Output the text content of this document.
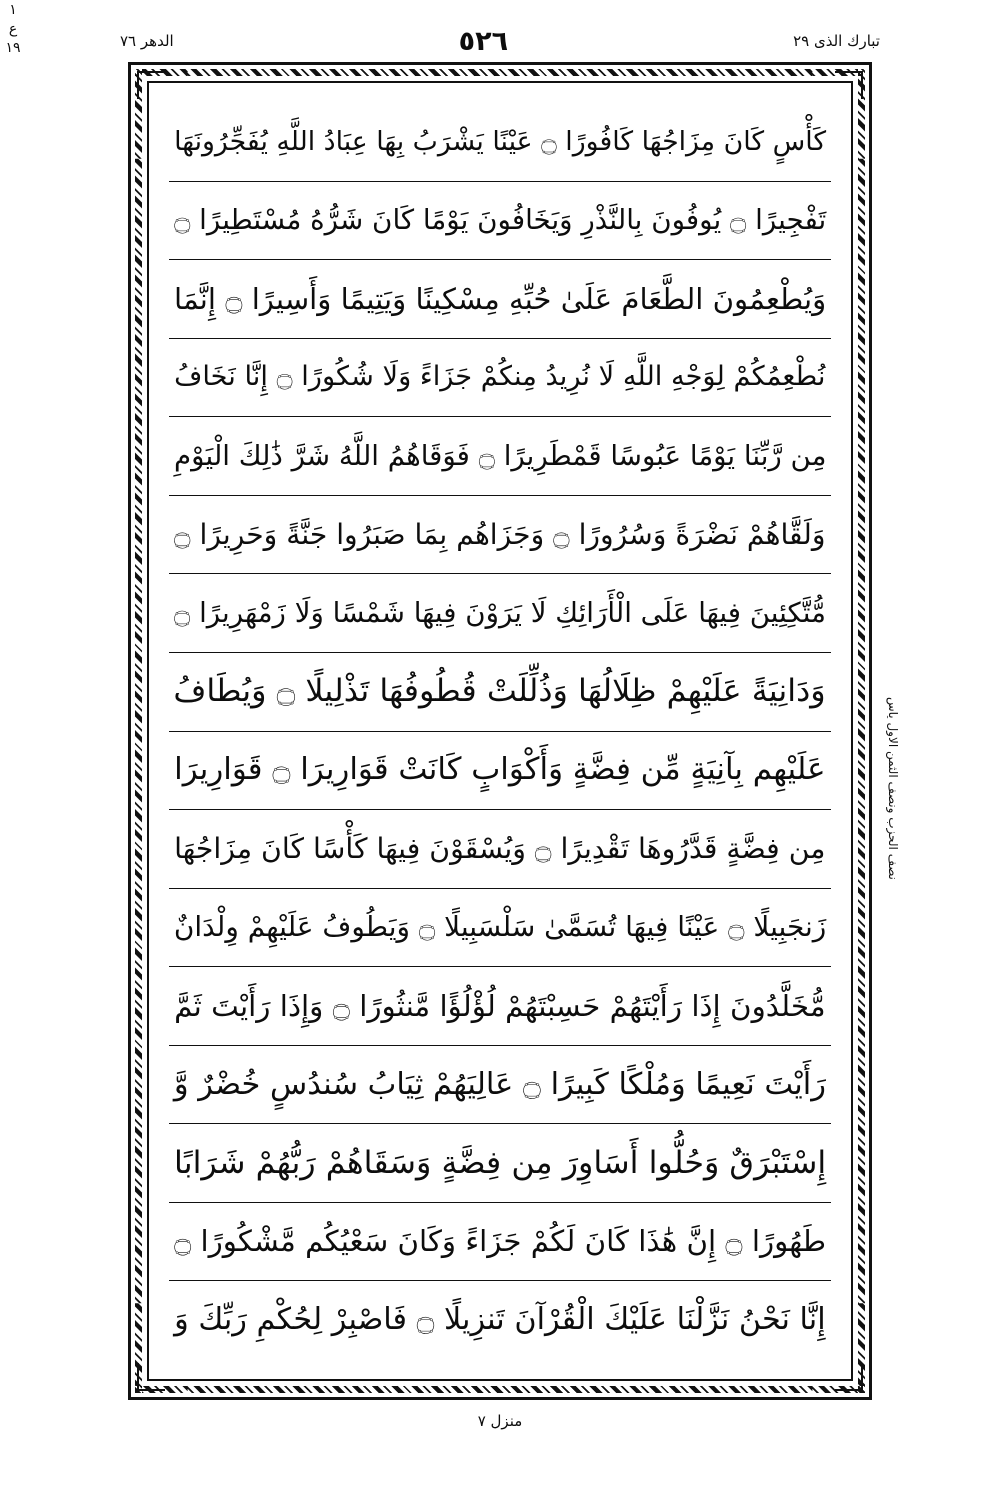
تبارك الذى ٢٩
٥٢٦
الدهر ٧٦
كَأْسٍ كَانَ مِزَاجُهَا كَافُورًا ۝ عَيْنًا يَشْرَبُ بِهَا عِبَادُ اللَّهِ يُفَجِّرُونَهَا
تَفْجِيرًا ۝ يُوفُونَ بِالنَّذْرِ وَيَخَافُونَ يَوْمًا كَانَ شَرُّهُ مُسْتَطِيرًا ۝
وَيُطْعِمُونَ الطَّعَامَ عَلَىٰ حُبِّهِ مِسْكِينًا وَيَتِيمًا وَأَسِيرًا ۝ إِنَّمَا
نُطْعِمُكُمْ لِوَجْهِ اللَّهِ لَا نُرِيدُ مِنكُمْ جَزَاءً وَلَا شُكُورًا ۝ إِنَّا نَخَافُ
مِن رَّبِّنَا يَوْمًا عَبُوسًا قَمْطَرِيرًا ۝ فَوَقَاهُمُ اللَّهُ شَرَّ ذَٰلِكَ الْيَوْمِ
وَلَقَّاهُمْ نَضْرَةً وَسُرُورًا ۝ وَجَزَاهُم بِمَا صَبَرُوا جَنَّةً وَحَرِيرًا ۝
مُّتَّكِئِينَ فِيهَا عَلَى الْأَرَائِكِ لَا يَرَوْنَ فِيهَا شَمْسًا وَلَا زَمْهَرِيرًا ۝
وَدَانِيَةً عَلَيْهِمْ ظِلَالُهَا وَذُلِّلَتْ قُطُوفُهَا تَذْلِيلًا ۝ وَيُطَافُ
عَلَيْهِم بِآنِيَةٍ مِّن فِضَّةٍ وَأَكْوَابٍ كَانَتْ قَوَارِيرَا ۝ قَوَارِيرَا
مِن فِضَّةٍ قَدَّرُوهَا تَقْدِيرًا ۝ وَيُسْقَوْنَ فِيهَا كَأْسًا كَانَ مِزَاجُهَا
زَنجَبِيلًا ۝ عَيْنًا فِيهَا تُسَمَّىٰ سَلْسَبِيلًا ۝ وَيَطُوفُ عَلَيْهِمْ وِلْدَانٌ
مُّخَلَّدُونَ إِذَا رَأَيْتَهُمْ حَسِبْتَهُمْ لُؤْلُؤًا مَّنثُورًا ۝ وَإِذَا رَأَيْتَ ثَمَّ
رَأَيْتَ نَعِيمًا وَمُلْكًا كَبِيرًا ۝ عَالِيَهُمْ ثِيَابُ سُندُسٍ خُضْرٌ وَّ
إِسْتَبْرَقٌ وَحُلُّوا أَسَاوِرَ مِن فِضَّةٍ وَسَقَاهُمْ رَبُّهُمْ شَرَابًا
طَهُورًا ۝ إِنَّ هَٰذَا كَانَ لَكُمْ جَزَاءً وَكَانَ سَعْيُكُم مَّشْكُورًا ۝
إِنَّا نَحْنُ نَزَّلْنَا عَلَيْكَ الْقُرْآنَ تَنزِيلًا ۝ فَاصْبِرْ لِحُكْمِ رَبِّكَ وَ
نصف الحزب ونصف الثمن الاول ياس
١
ع
١٩
منزل ٧
